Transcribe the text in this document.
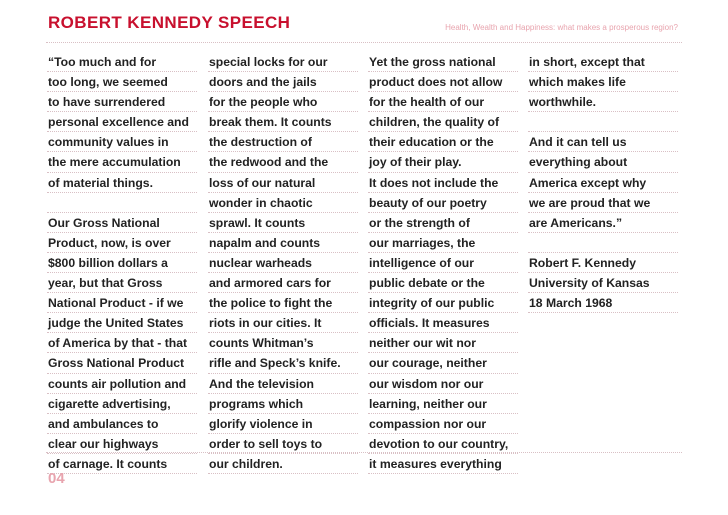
ROBERT KENNEDY SPEECH	Health, Wealth and Happiness: what makes a prosperous region?
“Too much and for
too long, we seemed
to have surrendered
personal excellence and
community values in
the mere accumulation
of material things.
Our Gross National
Product, now, is over
$800 billion dollars a
year, but that Gross
National Product - if we
judge the United States
of America by that - that
Gross National Product
counts air pollution and
cigarette advertising,
and ambulances to
clear our highways
of carnage. It counts
special locks for our
doors and the jails
for the people who
break them. It counts
the destruction of
the redwood and the
loss of our natural
wonder in chaotic
sprawl. It counts
napalm and counts
nuclear warheads
and armored cars for
the police to fight the
riots in our cities. It
counts Whitman’s
rifle and Speck’s knife.
And the television
programs which
glorify violence in
order to sell toys to
our children.
Yet the gross national
product does not allow
for the health of our
children, the quality of
their education or the
joy of their play.
It does not include the
beauty of our poetry
or the strength of
our marriages, the
intelligence of our
public debate or the
integrity of our public
officials. It measures
neither our wit nor
our courage, neither
our wisdom nor our
learning, neither our
compassion nor our
devotion to our country,
it measures everything
in short, except that
which makes life
worthwhile.
And it can tell us
everything about
America except why
we are proud that we
are Americans.”
Robert F. Kennedy
University of Kansas
18 March 1968
04
